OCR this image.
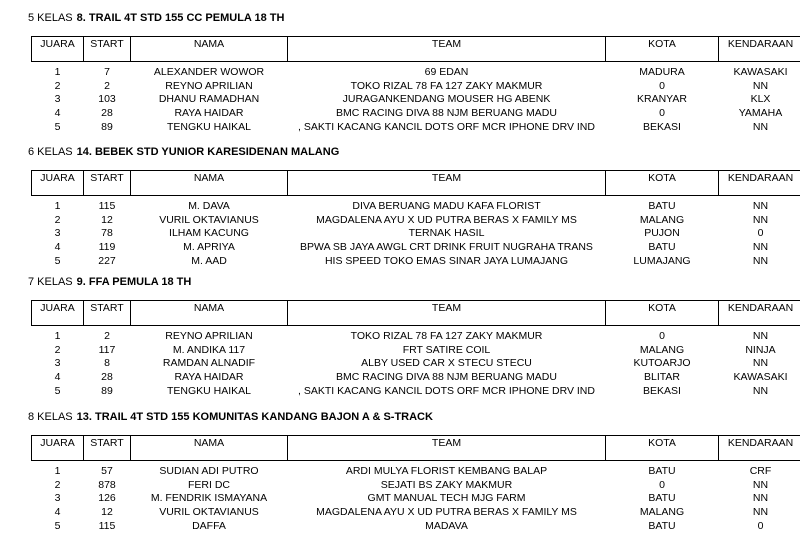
5 KELAS 8. TRAIL 4T STD 155 CC PEMULA 18 TH
JUARA	START	NAMA	TEAM	KOTA	KENDARAAN
1	7	ALEXANDER WOWOR	69 EDAN	MADURA	KAWASAKI
2	2	REYNO APRILIAN	TOKO RIZAL 78 FA 127 ZAKY MAKMUR	0	NN
3	103	DHANU RAMADHAN	JURAGANKENDANG MOUSER HG ABENK	KRANYAR	KLX
4	28	RAYA HAIDAR	BMC RACING DIVA 88 NJM BERUANG MADU	0	YAMAHA
5	89	TENGKU HAIKAL	, SAKTI KACANG KANCIL DOTS ORF MCR IPHONE DRV IND	BEKASI	NN
6 KELAS 14. BEBEK STD YUNIOR KARESIDENAN MALANG
JUARA	START	NAMA	TEAM	KOTA	KENDARAAN
1	115	M. DAVA	DIVA BERUANG MADU KAFA FLORIST	BATU	NN
2	12	VURIL OKTAVIANUS	MAGDALENA AYU X UD PUTRA BERAS X FAMILY MS	MALANG	NN
3	78	ILHAM KACUNG	TERNAK HASIL	PUJON	0
4	119	M. APRIYA	BPWA SB JAYA AWGL CRT DRINK FRUIT NUGRAHA TRANS	BATU	NN
5	227	M. AAD	HIS SPEED TOKO EMAS SINAR JAYA LUMAJANG	LUMAJANG	NN
7 KELAS 9. FFA PEMULA 18 TH
JUARA	START	NAMA	TEAM	KOTA	KENDARAAN
1	2	REYNO APRILIAN	TOKO RIZAL 78 FA 127 ZAKY MAKMUR	0	NN
2	117	M. ANDIKA 117	FRT SATIRE COIL	MALANG	NINJA
3	8	RAMDAN ALNADIF	ALBY USED CAR X STECU STECU	KUTOARJO	NN
4	28	RAYA HAIDAR	BMC RACING DIVA 88 NJM BERUANG MADU	BLITAR	KAWASAKI
5	89	TENGKU HAIKAL	, SAKTI KACANG KANCIL DOTS ORF MCR IPHONE DRV IND	BEKASI	NN
8 KELAS 13. TRAIL 4T STD 155 KOMUNITAS KANDANG BAJON A & S-TRACK
JUARA	START	NAMA	TEAM	KOTA	KENDARAAN
1	57	SUDIAN ADI PUTRO	ARDI MULYA FLORIST KEMBANG BALAP	BATU	CRF
2	878	FERI DC	SEJATI BS ZAKY MAKMUR	0	NN
3	126	M. FENDRIK ISMAYANA	GMT MANUAL TECH MJG FARM	BATU	NN
4	12	VURIL OKTAVIANUS	MAGDALENA AYU X UD PUTRA BERAS X FAMILY MS	MALANG	NN
5	115	DAFFA	MADAVA	BATU	0
